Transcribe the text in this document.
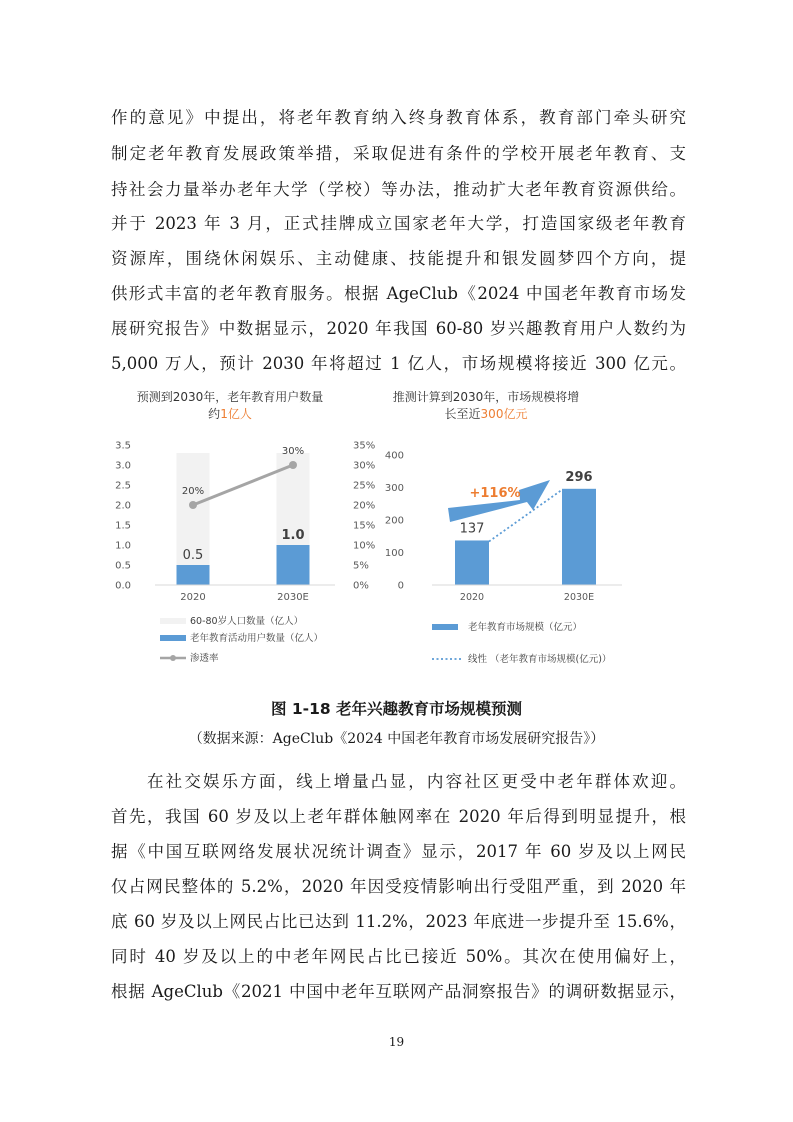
作的意见》中提出，将老年教育纳入终身教育体系，教育部门牵头研究
制定老年教育发展政策举措，采取促进有条件的学校开展老年教育、支
持社会力量举办老年大学（学校）等办法，推动扩大老年教育资源供给。
并于 2023 年 3 月，正式挂牌成立国家老年大学，打造国家级老年教育
资源库，围绕休闲娱乐、主动健康、技能提升和银发圆梦四个方向，提
供形式丰富的老年教育服务。根据 AgeClub《2024 中国老年教育市场发
展研究报告》中数据显示，2020 年我国 60-80 岁兴趣教育用户人数约为
5,000 万人，预计 2030 年将超过 1 亿人，市场规模将接近 300 亿元。
预测到2030年，老年教育用户数量
约1亿人
推测计算到2030年，市场规模将增
长至近300亿元
3.5
3.0
2.5
2.0
1.5
1.0
0.5
0.0
35%
30%
25%
20%
15%
10%
5%
0%
0.5
1.0
20%
30%
2020	2030E
60-80岁人口数量（亿人）
老年教育活动用户数量（亿人）
渗透率
400
300
200
100
0
137
296
+116%
2020	2030E
老年教育市场规模（亿元）
线性 （老年教育市场规模(亿元)）
图 1-18 老年兴趣教育市场规模预测
（数据来源：AgeClub《2024 中国老年教育市场发展研究报告》）
在社交娱乐方面，线上增量凸显，内容社区更受中老年群体欢迎。
首先，我国 60 岁及以上老年群体触网率在 2020 年后得到明显提升，根
据《中国互联网络发展状况统计调查》显示，2017 年 60 岁及以上网民
仅占网民整体的 5.2%，2020 年因受疫情影响出行受阻严重，到 2020 年
底 60 岁及以上网民占比已达到 11.2%，2023 年底进一步提升至 15.6%，
同时 40 岁及以上的中老年网民占比已接近 50%。其次在使用偏好上，
根据 AgeClub《2021 中国中老年互联网产品洞察报告》的调研数据显示，
19
